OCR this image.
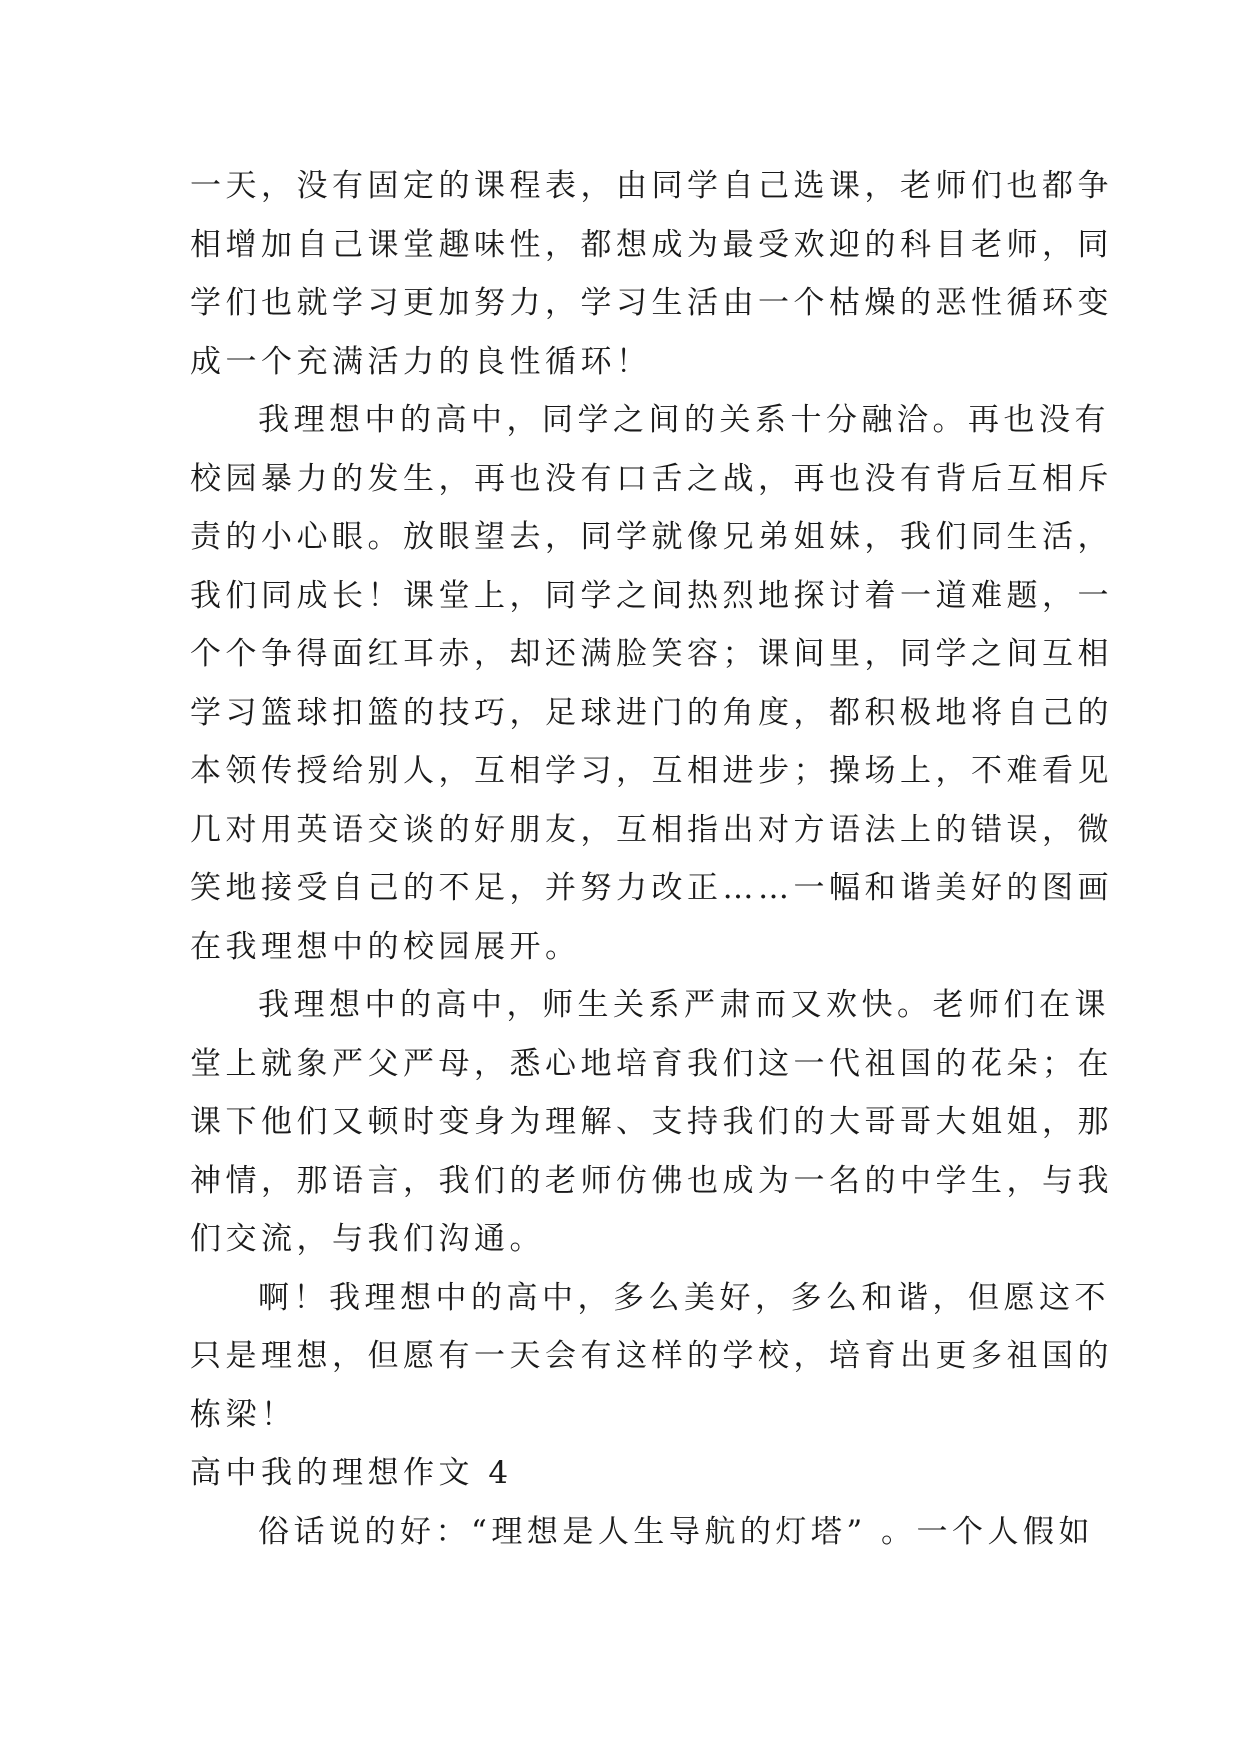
一天，没有固定的课程表，由同学自己选课，老师们也都争
相增加自己课堂趣味性，都想成为最受欢迎的科目老师，同
学们也就学习更加努力，学习生活由一个枯燥的恶性循环变
成一个充满活力的良性循环！
我理想中的高中，同学之间的关系十分融洽。再也没有
校园暴力的发生，再也没有口舌之战，再也没有背后互相斥
责的小心眼。放眼望去，同学就像兄弟姐妹，我们同生活，
我们同成长！课堂上，同学之间热烈地探讨着一道难题，一
个个争得面红耳赤，却还满脸笑容；课间里，同学之间互相
学习篮球扣篮的技巧，足球进门的角度，都积极地将自己的
本领传授给别人，互相学习，互相进步；操场上，不难看见
几对用英语交谈的好朋友，互相指出对方语法上的错误，微
笑地接受自己的不足，并努力改正……一幅和谐美好的图画
在我理想中的校园展开。
我理想中的高中，师生关系严肃而又欢快。老师们在课
堂上就象严父严母，悉心地培育我们这一代祖国的花朵；在
课下他们又顿时变身为理解、支持我们的大哥哥大姐姐，那
神情，那语言，我们的老师仿佛也成为一名的中学生，与我
们交流，与我们沟通。
啊！我理想中的高中，多么美好，多么和谐，但愿这不
只是理想，但愿有一天会有这样的学校，培育出更多祖国的
栋梁！
高中我的理想作文 4
俗话说的好：“理想是人生导航的灯塔” 。一个人假如
